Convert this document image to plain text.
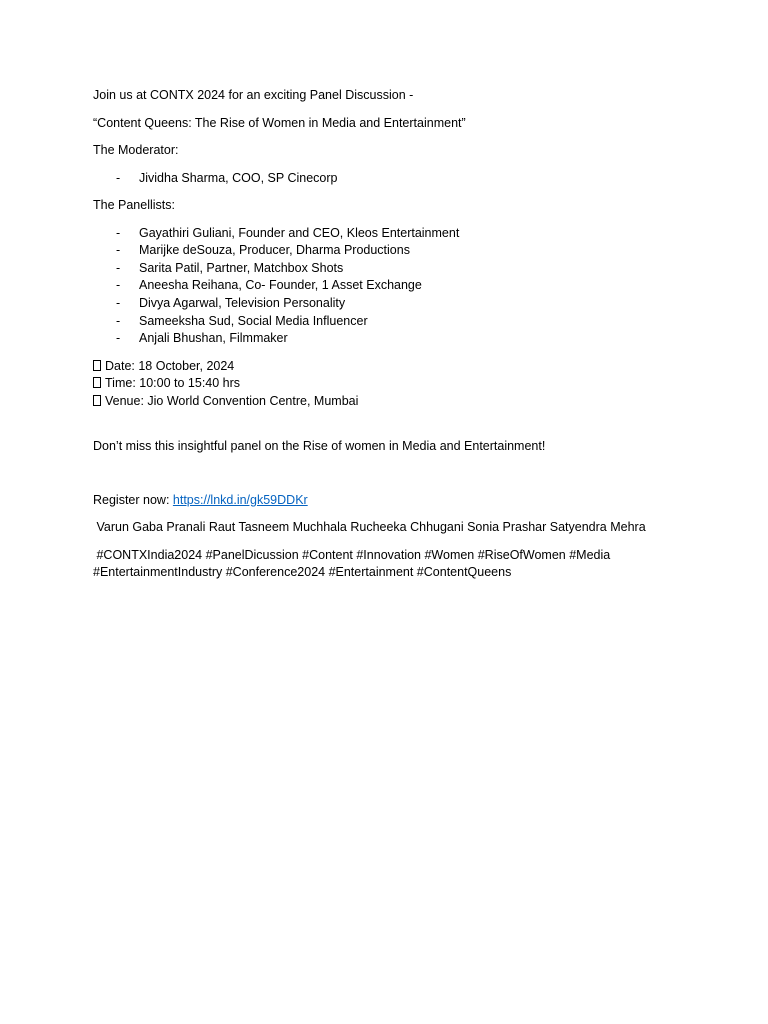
Join us at CONTX 2024 for an exciting Panel Discussion -

“Content Queens: The Rise of Women in Media and Entertainment”

The Moderator:

- Jividha Sharma, COO, SP Cinecorp

The Panellists:

- Gayathiri Guliani, Founder and CEO, Kleos Entertainment
- Marijke deSouza, Producer, Dharma Productions
- Sarita Patil, Partner, Matchbox Shots
- Aneesha Reihana, Co- Founder, 1 Asset Exchange
- Divya Agarwal, Television Personality
- Sameeksha Sud, Social Media Influencer
- Anjali Bhushan, Filmmaker

Date: 18 October, 2024

Time: 10:00 to 15:40 hrs

Venue: Jio World Convention Centre, Mumbai

Don’t miss this insightful panel on the Rise of women in Media and Entertainment!

Register now: https://lnkd.in/gk59DDKr

Varun Gaba Pranali Raut Tasneem Muchhala Rucheeka Chhugani Sonia Prashar Satyendra Mehra

#CONTXIndia2024 #PanelDicussion #Content #Innovation #Women #RiseOfWomen #Media

#EntertainmentIndustry #Conference2024 #Entertainment #ContentQueens
